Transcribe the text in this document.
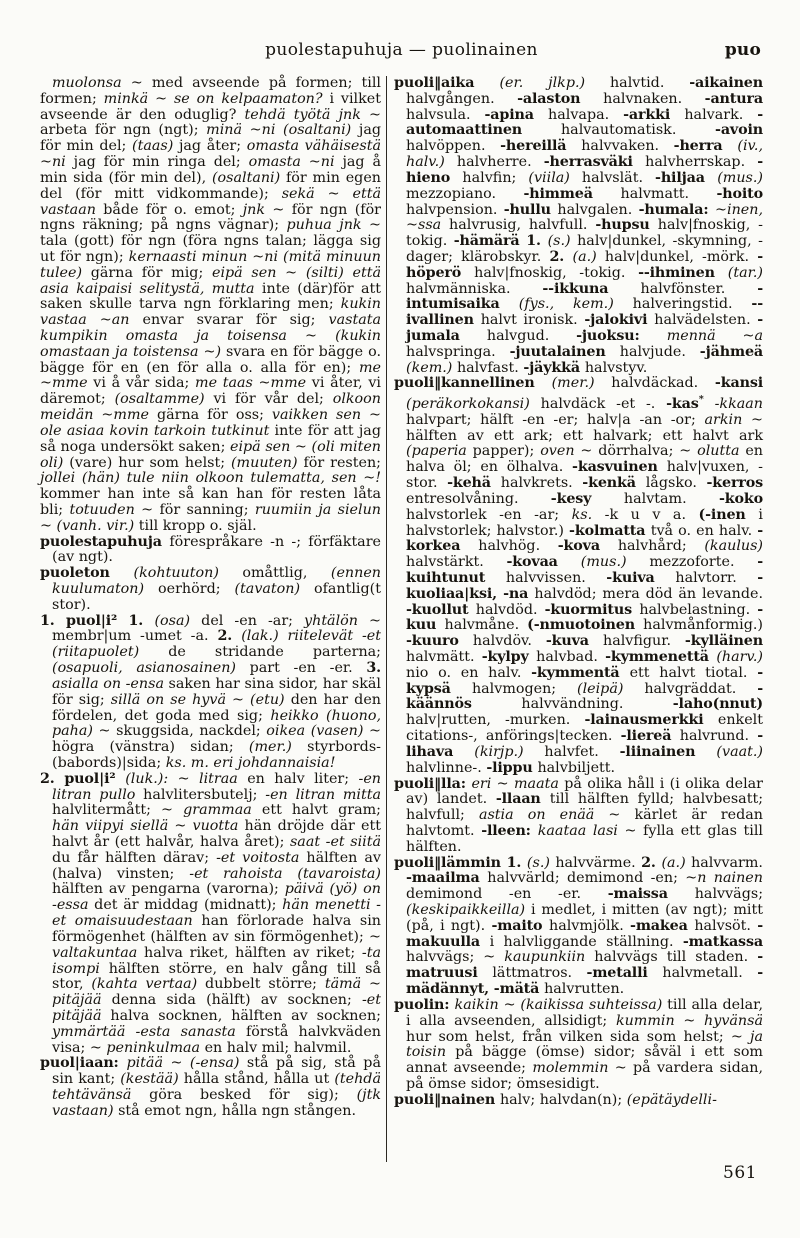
puolestapuhuja — puolinainen	puo

muolonsa ~ med avseende på formen; till formen; minkä ~ se on kelpaamaton? i vilket avseende är den oduglig? tehdä työtä jnk ~ arbeta för ngn (ngt); minä ~ni (osaltani) jag för min del; (taas) jag åter; omasta vähäisestä ~ni jag för min ringa del; omasta ~ni jag å min sida (för min del), (osaltani) för min egen del (för mitt vidkommande); sekä ~ että vastaan både för o. emot; jnk ~ för ngn (för ngns räkning; på ngns vägnar); puhua jnk ~ tala (gott) för ngn (föra ngns talan; lägga sig ut för ngn); kernaasti minun ~ni (mitä minuun tulee) gärna för mig; eipä sen ~ (silti) että asia kaipaisi selitystä, mutta inte (där)för att saken skulle tarva ngn förklaring men; kukin vastaa ~an envar svarar för sig; vastata kumpikin omasta ja toisensa ~ (kukin omastaan ja toistensa ~) svara en för bägge o. bägge för en (en för alla o. alla för en); me ~mme vi å vår sida; me taas ~mme vi åter, vi däremot; (osaltamme) vi för vår del; olkoon meidän ~mme gärna för oss; vaikken sen ~ ole asiaa kovin tarkoin tutkinut inte för att jag så noga undersökt saken; eipä sen ~ (oli miten oli) (vare) hur som helst; (muuten) för resten; jollei (hän) tule niin olkoon tulematta, sen ~! kommer han inte så kan han för resten låta bli; totuuden ~ för sanning; ruumiin ja sielun ~ (vanh. vir.) till kropp o. själ.

puolestapuhuja förespråkare -n -; förfäktare (av ngt).

puoleton (kohtuuton) omåttlig, (ennen kuulumaton) oerhörd; (tavaton) ofantlig(t stor).

1. puol|i² 1. (osa) del -en -ar; yhtälön ~ membr|um -umet -a. 2. (lak.) riitelevät -et (riitapuolet) de stridande parterna; (osapuoli, asianosainen) part -en -er. 3. asialla on -ensa saken har sina sidor, har skäl för sig; sillä on se hyvä ~ (etu) den har den fördelen, det goda med sig; heikko (huono, paha) ~ skuggsida, nackdel; oikea (vasen) ~ högra (vänstra) sidan; (mer.) styrbords- (babords)|sida; ks. m. eri johdannaisia!

2. puol|i² (luk.): ~ litraa en halv liter; -en litran pullo halvlitersbutelj; -en litran mitta halvlitermått; ~ grammaa ett halvt gram; hän viipyi siellä ~ vuotta hän dröjde där ett halvt år (ett halvår, halva året); saat -et siitä du får hälften därav; -et voitosta hälften av (halva) vinsten; -et rahoista (tavaroista) hälften av pengarna (varorna); päivä (yö) on -essa det är middag (midnatt); hän menetti -et omaisuudestaan han förlorade halva sin förmögenhet (hälften av sin förmögenhet); ~ valtakuntaa halva riket, hälften av riket; -ta isompi hälften större, en halv gång till så stor, (kahta vertaa) dubbelt större; tämä ~ pitäjää denna sida (hälft) av socknen; -et pitäjää halva socknen, hälften av socknen; ymmärtää -esta sanasta förstå halvkväden visa; ~ peninkulmaa en halv mil; halvmil.

puol|iaan: pitää ~ (-ensa) stå på sig, stå på sin kant; (kestää) hålla stånd, hålla ut (tehdä tehtävänsä göra besked för sig); (jtk vastaan) stå emot ngn, hålla ngn stången.

puoli‖aika (er. jlkp.) halvtid. -aikainen halvgången. -alaston halvnaken. -antura halvsula. -apina halvapa. -arkki halvark. -automaattinen halvautomatisk. -avoin halvöppen. -hereillä halvvaken. -herra (iv., halv.) halvherre. -herrasväki halvherrskap. -hieno halvfin; (viila) halvslät. -hiljaa (mus.) mezzopiano. -himmeä halvmatt. -hoito halvpension. -hullu halvgalen. -humala: ~inen, ~ssa halvrusig, halvfull. -hupsu halv|fnoskig, -tokig. -hämärä 1. (s.) halv|dunkel, -skymning, -dager; klärobskyr. 2. (a.) halv|dunkel, -mörk. -höperö halv|fnoskig, -tokig. --ihminen (tar.) halvmänniska. --ikkuna halvfönster. -intumisaika (fys., kem.) halveringstid. --ivallinen halvt ironisk. -jalokivi halvädelsten. -jumala halvgud. -juoksu: mennä ~a halvspringa. -juutalainen halvjude. -jähmeä (kem.) halvfast. -jäykkä halvstyv.

puoli‖kannellinen (mer.) halvdäckad. -kansi (peräkorkokansi) halvdäck -et -. -kas* -kkaan halvpart; hälft -en -er; halv|a -an -or; arkin ~ hälften av ett ark; ett halvark; ett halvt ark (paperia papper); oven ~ dörrhalva; ~ olutta en halva öl; en ölhalva. -kasvuinen halv|vuxen, -stor. -kehä halvkrets. -kenkä lågsko. -kerros entresolvåning. -kesy halvtam. -koko halvstorlek -en -ar; ks. -k u v a. (-inen i halvstorlek; halvstor.) -kolmatta två o. en halv. -korkea halvhög. -kova halvhård; (kaulus) halvstärkt. -kovaa (mus.) mezzoforte. -kuihtunut halvvissen. -kuiva halvtorr. -kuoliaa|ksi, -na halvdöd; mera död än levande. -kuollut halvdöd. -kuormitus halvbelastning. -kuu halvmåne. (-nmuotoinen halvmånformig.) -kuuro halvdöv. -kuva halvfigur. -kylläinen halvmätt. -kylpy halvbad. -kymmenettä (harv.) nio o. en halv. -kymmentä ett halvt tiotal. -kypsä halvmogen; (leipä) halvgräddat. -käännös halvvändning. -laho(nnut) halv|rutten, -murken. -lainausmerkki enkelt citations-, anförings|tecken. -liereä halvrund. -lihava (kirjp.) halvfet. -liinainen (vaat.) halvlinne-. -lippu halvbiljett.

puoli‖lla: eri ~ maata på olika håll i (i olika delar av) landet. -llaan till hälften fylld; halvbesatt; halvfull; astia on enää ~ kärlet är redan halvtomt. -lleen: kaataa lasi ~ fylla ett glas till hälften.

puoli‖lämmin 1. (s.) halvvärme. 2. (a.) halvvarm. -maailma halvvärld; demimond -en; ~n nainen demimond -en -er. -maissa halvvägs; (keskipaikkeilla) i medlet, i mitten (av ngt); mitt (på, i ngt). -maito halvmjölk. -makea halvsöt. -makuulla i halvliggande ställning. -matkassa halvvägs; ~ kaupunkiin halvvägs till staden. -matruusi lättmatros. -metalli halvmetall. -mädännyt, -mätä halvrutten.

puolin: kaikin ~ (kaikissa suhteissa) till alla delar, i alla avseenden, allsidigt; kummin ~ hyvänsä hur som helst, från vilken sida som helst; ~ ja toisin på bägge (ömse) sidor; såväl i ett som annat avseende; molemmin ~ på vardera sidan, på ömse sidor; ömsesidigt.

puoli‖nainen halv; halvdan(n); (epätäydelli-

561
